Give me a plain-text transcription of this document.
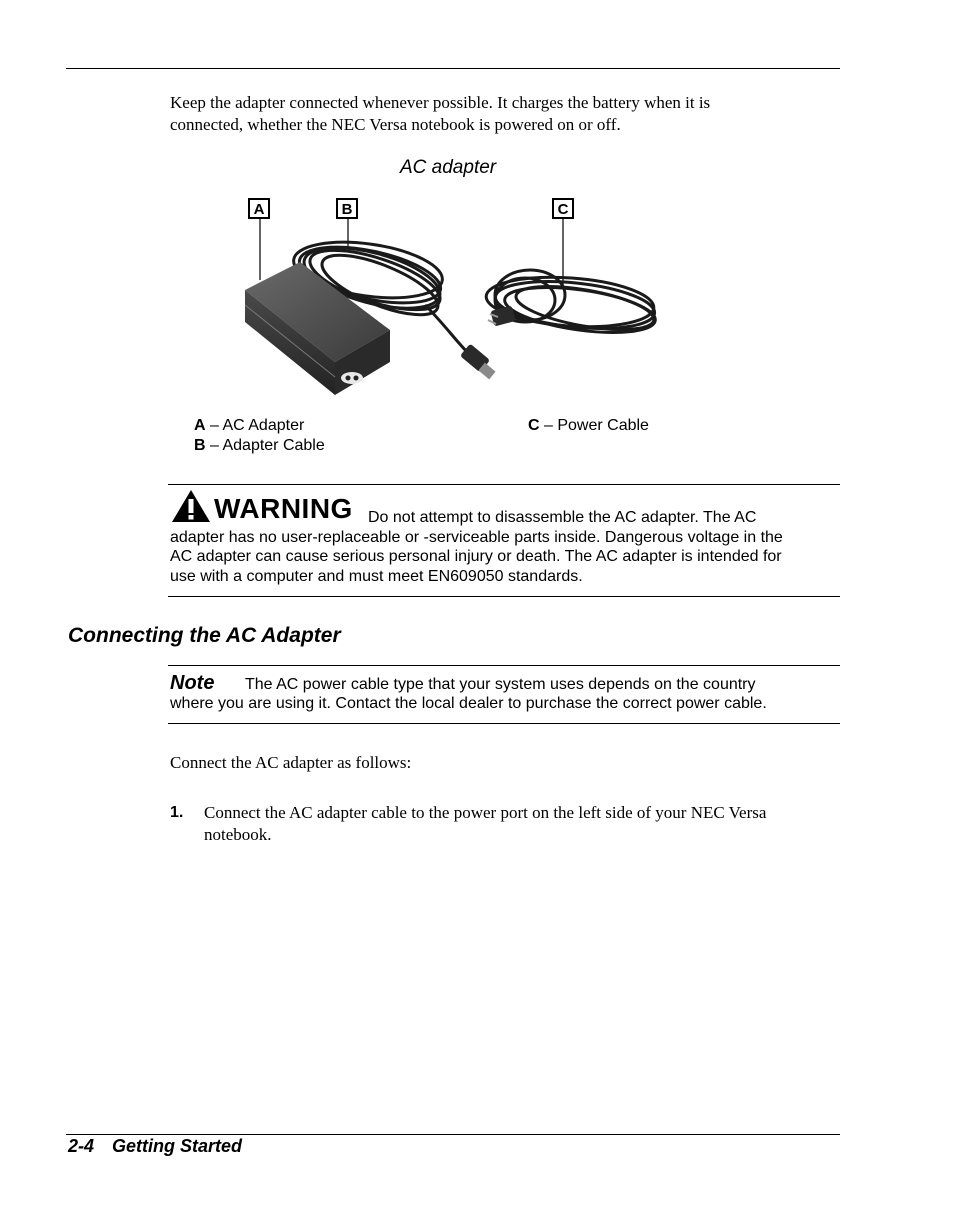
Keep the adapter connected whenever possible. It charges the battery when it is
connected, whether the NEC Versa notebook is powered on or off.
AC adapter
A	B	C
A – AC Adapter
B – Adapter Cable
C – Power Cable
WARNING Do not attempt to disassemble the AC adapter. The AC
adapter has no user-replaceable or -serviceable parts inside. Dangerous voltage in the
AC adapter can cause serious personal injury or death. The AC adapter is intended for
use with a computer and must meet EN609050 standards.
Connecting the AC Adapter
Note The AC power cable type that your system uses depends on the country
where you are using it. Contact the local dealer to purchase the correct power cable.
Connect the AC adapter as follows:
1. Connect the AC adapter cable to the power port on the left side of your NEC Versa
notebook.
2-4 Getting Started
